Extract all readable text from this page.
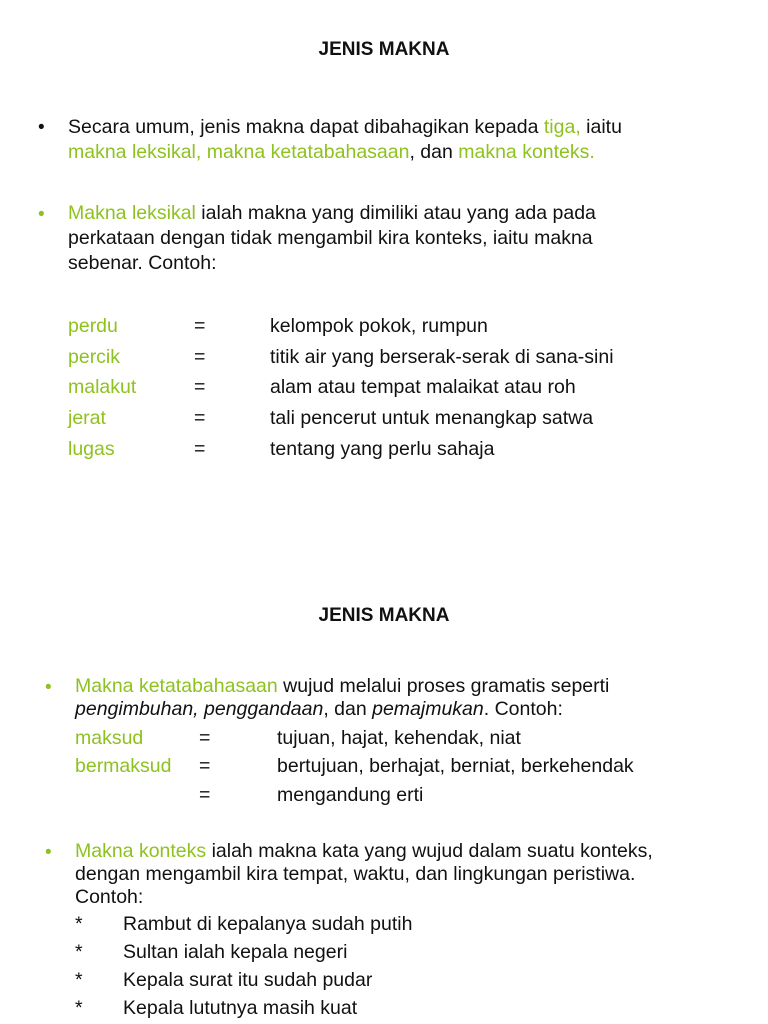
JENIS MAKNA
• Secara umum, jenis makna dapat dibahagikan kepada tiga, iaitu
makna leksikal, makna ketatabahasaan, dan makna konteks.
• Makna leksikal ialah makna yang dimiliki atau yang ada pada
perkataan dengan tidak mengambil kira konteks, iaitu makna
sebenar. Contoh:
perdu	=	kelompok pokok, rumpun
percik	=	titik air yang berserak-serak di sana-sini
malakut	=	alam atau tempat malaikat atau roh
jerat	=	tali pencerut untuk menangkap satwa
lugas	=	tentang yang perlu sahaja
JENIS MAKNA
• Makna ketatabahasaan wujud melalui proses gramatis seperti
pengimbuhan, penggandaan, dan pemajmukan. Contoh:
maksud	=	tujuan, hajat, kehendak, niat
bermaksud =	bertujuan, berhajat, berniat, berkehendak
=	mengandung erti
• Makna konteks ialah makna kata yang wujud dalam suatu konteks,
dengan mengambil kira tempat, waktu, dan lingkungan peristiwa.
Contoh:
* Rambut di kepalanya sudah putih
* Sultan ialah kepala negeri
* Kepala surat itu sudah pudar
* Kepala lututnya masih kuat
